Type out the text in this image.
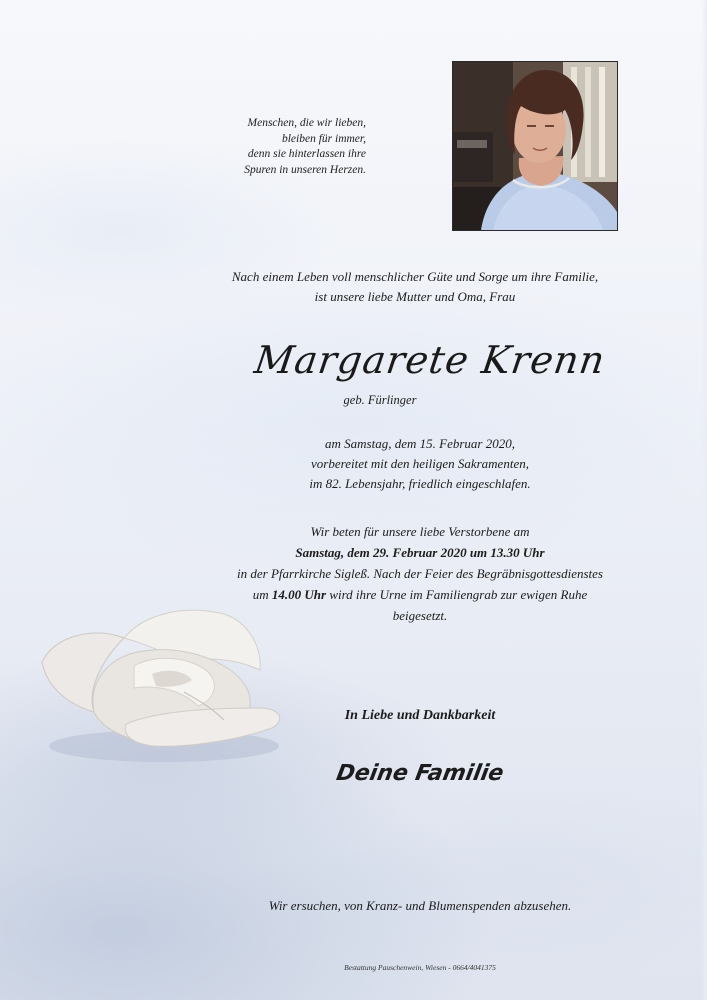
Menschen, die wir lieben,
bleiben für immer,
denn sie hinterlassen ihre
Spuren in unseren Herzen.
Nach einem Leben voll menschlicher Güte und Sorge um ihre Familie,
ist unsere liebe Mutter und Oma, Frau
Margarete Krenn
geb. Fürlinger
am Samstag, dem 15. Februar 2020,
vorbereitet mit den heiligen Sakramenten,
im 82. Lebensjahr, friedlich eingeschlafen.
Wir beten für unsere liebe Verstorbene am
Samstag, dem 29. Februar 2020 um 13.30 Uhr
in der Pfarrkirche Sigleß. Nach der Feier des Begräbnisgottesdienstes
um 14.00 Uhr wird ihre Urne im Familiengrab zur ewigen Ruhe
beigesetzt.
In Liebe und Dankbarkeit
Deine Familie
Wir ersuchen, von Kranz- und Blumenspenden abzusehen.
Bestattung Pauschenwein, Wiesen - 0664/4041375
